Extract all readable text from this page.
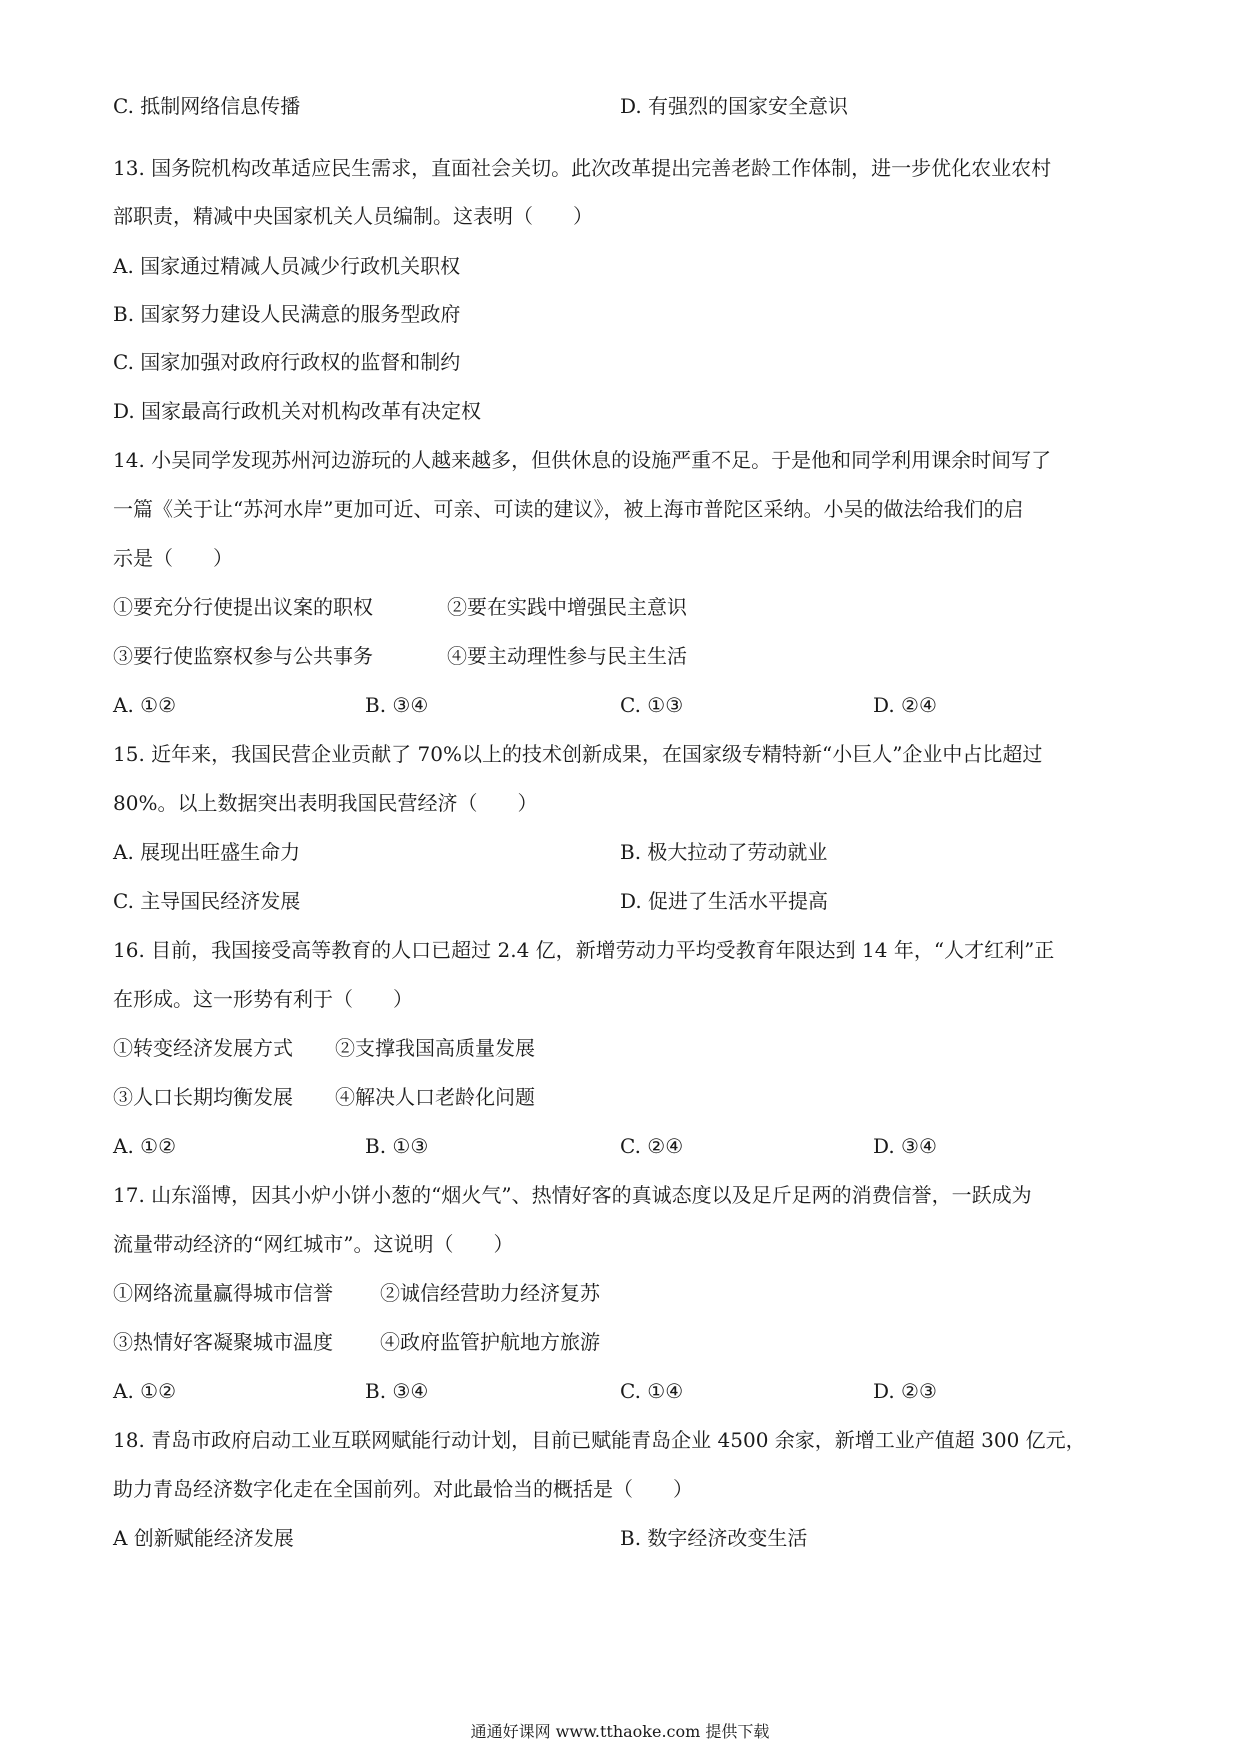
C. 抵制网络信息传播	D. 有强烈的国家安全意识
13. 国务院机构改革适应民生需求，直面社会关切。此次改革提出完善老龄工作体制，进一步优化农业农村
部职责，精减中央国家机关人员编制。这表明（　　）
A. 国家通过精减人员减少行政机关职权
B. 国家努力建设人民满意的服务型政府
C. 国家加强对政府行政权的监督和制约
D. 国家最高行政机关对机构改革有决定权
14. 小吴同学发现苏州河边游玩的人越来越多，但供休息的设施严重不足。于是他和同学利用课余时间写了
一篇《关于让“苏河水岸”更加可近、可亲、可读的建议》，被上海市普陀区采纳。小吴的做法给我们的启
示是（　　）
①要充分行使提出议案的职权	②要在实践中增强民主意识
③要行使监察权参与公共事务	④要主动理性参与民主生活
A. ①②	B. ③④	C. ①③	D. ②④
15. 近年来，我国民营企业贡献了 70%以上的技术创新成果，在国家级专精特新“小巨人”企业中占比超过
80%。以上数据突出表明我国民营经济（　　）
A. 展现出旺盛生命力	B. 极大拉动了劳动就业
C. 主导国民经济发展	D. 促进了生活水平提高
16. 目前，我国接受高等教育的人口已超过 2.4 亿，新增劳动力平均受教育年限达到 14 年，“人才红利”正
在形成。这一形势有利于（　　）
①转变经济发展方式 ②支撑我国高质量发展
③人口长期均衡发展 ④解决人口老龄化问题
A. ①②	B. ①③	C. ②④	D. ③④
17. 山东淄博，因其小炉小饼小葱的“烟火气”、热情好客的真诚态度以及足斤足两的消费信誉，一跃成为
流量带动经济的“网红城市”。这说明（　　）
①网络流量赢得城市信誉 ②诚信经营助力经济复苏
③热情好客凝聚城市温度 ④政府监管护航地方旅游
A. ①②	B. ③④	C. ①④	D. ②③
18. 青岛市政府启动工业互联网赋能行动计划，目前已赋能青岛企业 4500 余家，新增工业产值超 300 亿元，
助力青岛经济数字化走在全国前列。对此最恰当的概括是（　　）
A 创新赋能经济发展	B. 数字经济改变生活
通通好课网 www.tthaoke.com 提供下载
